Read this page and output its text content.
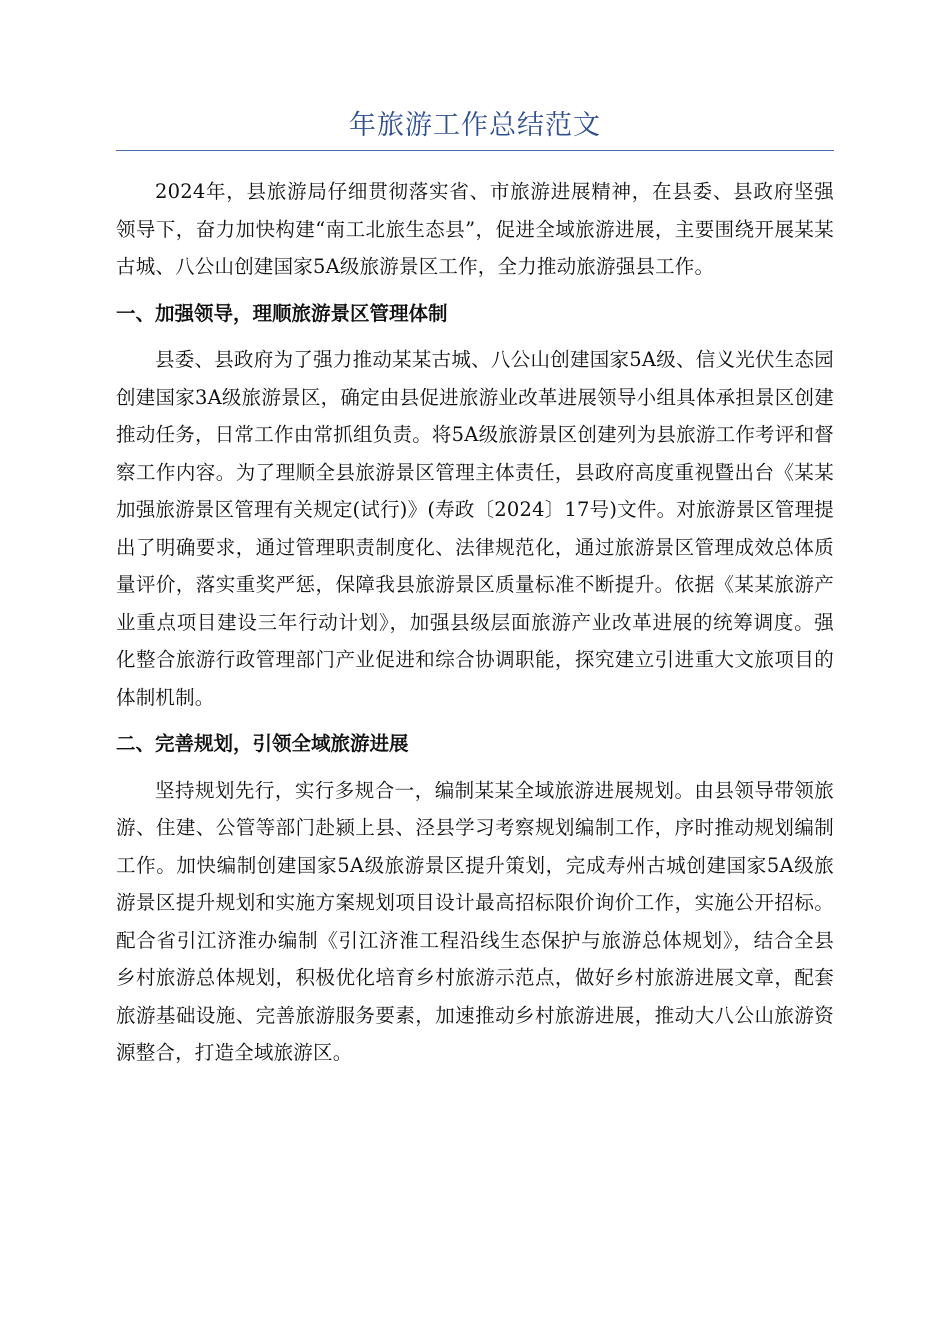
年旅游工作总结范文

2024年，县旅游局仔细贯彻落实省、市旅游进展精神，在县委、县政府坚强领导下，奋力加快构建“南工北旅生态县”，促进全域旅游进展，主要围绕开展某某古城、八公山创建国家5A级旅游景区工作，全力推动旅游强县工作。

一、加强领导，理顺旅游景区管理体制

县委、县政府为了强力推动某某古城、八公山创建国家5A级、信义光伏生态园创建国家3A级旅游景区，确定由县促进旅游业改革进展领导小组具体承担景区创建推动任务，日常工作由常抓组负责。将5A级旅游景区创建列为县旅游工作考评和督察工作内容。为了理顺全县旅游景区管理主体责任，县政府高度重视暨出台《某某加强旅游景区管理有关规定(试行)》(寿政〔2024〕17号)文件。对旅游景区管理提出了明确要求，通过管理职责制度化、法律规范化，通过旅游景区管理成效总体质量评价，落实重奖严惩，保障我县旅游景区质量标准不断提升。依据《某某旅游产业重点项目建设三年行动计划》，加强县级层面旅游产业改革进展的统筹调度。强化整合旅游行政管理部门产业促进和综合协调职能，探究建立引进重大文旅项目的体制机制。

二、完善规划，引领全域旅游进展

坚持规划先行，实行多规合一，编制某某全域旅游进展规划。由县领导带领旅游、住建、公管等部门赴颍上县、泾县学习考察规划编制工作，序时推动规划编制工作。加快编制创建国家5A级旅游景区提升策划，完成寿州古城创建国家5A级旅游景区提升规划和实施方案规划项目设计最高招标限价询价工作，实施公开招标。配合省引江济淮办编制《引江济淮工程沿线生态保护与旅游总体规划》，结合全县乡村旅游总体规划，积极优化培育乡村旅游示范点，做好乡村旅游进展文章，配套旅游基础设施、完善旅游服务要素，加速推动乡村旅游进展，推动大八公山旅游资源整合，打造全域旅游区。
